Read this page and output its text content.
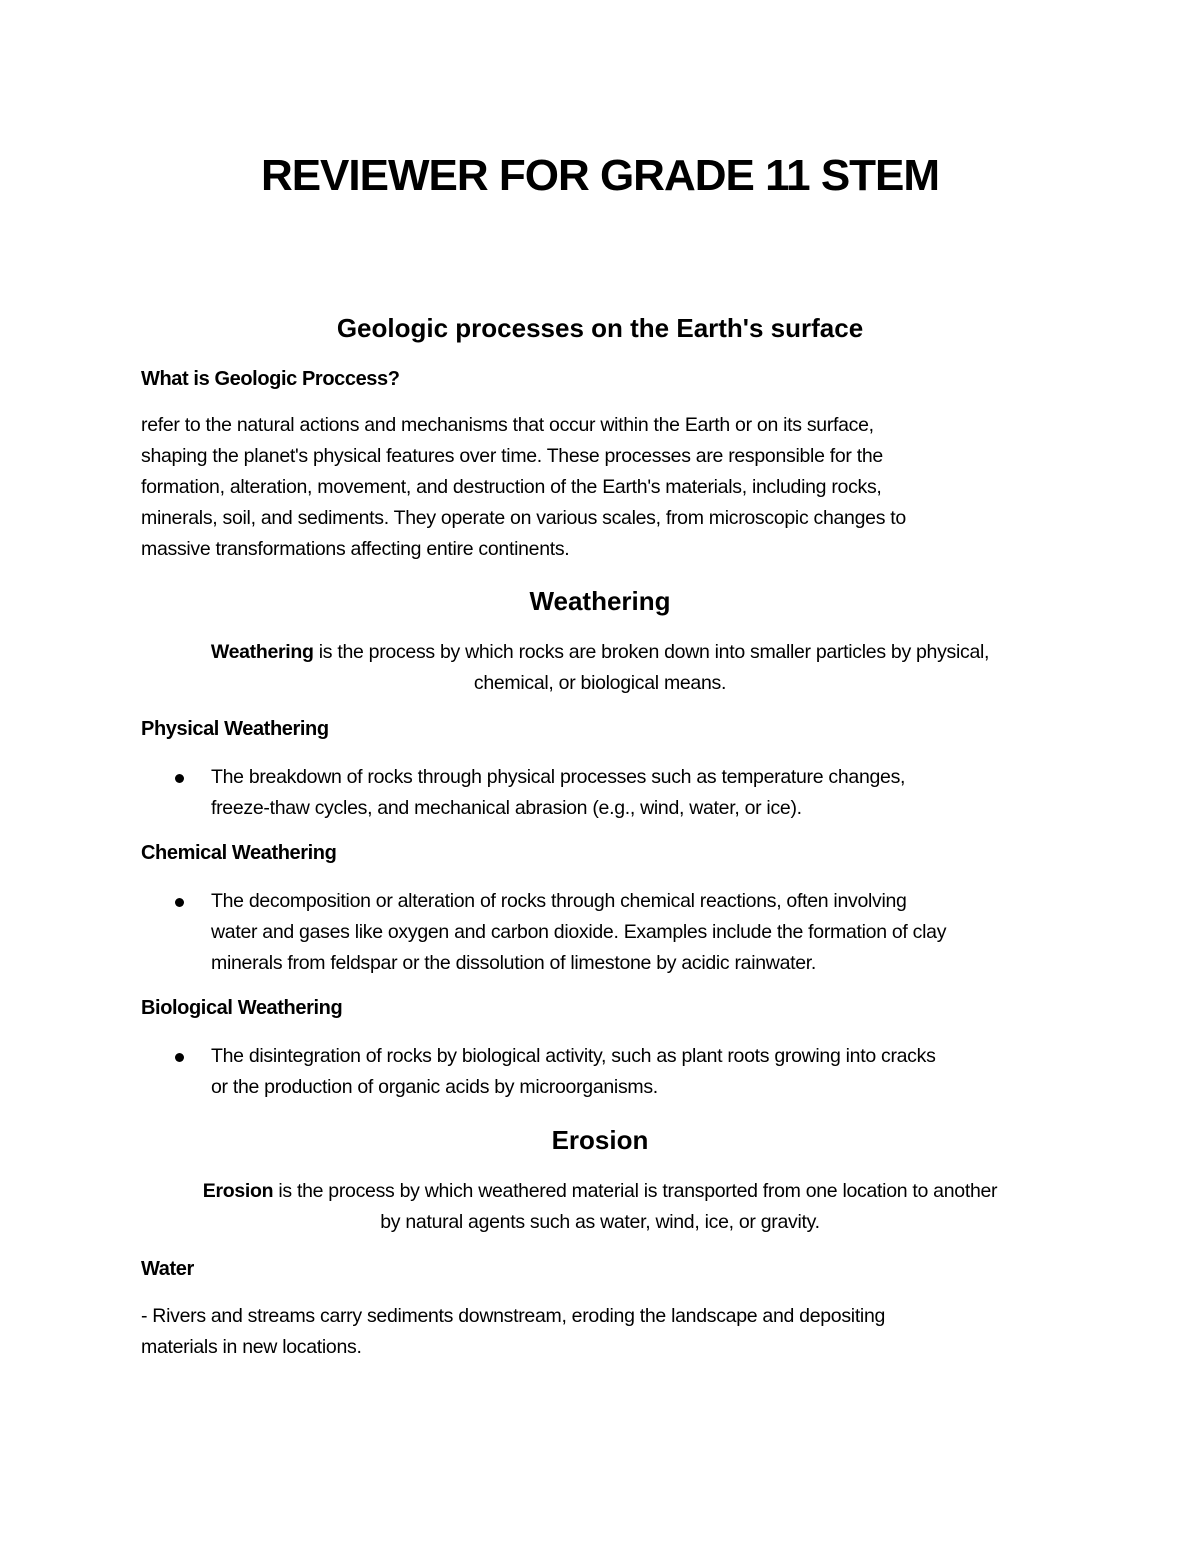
REVIEWER FOR GRADE 11 STEM
Geologic processes on the Earth's surface
What is Geologic Proccess?

refer to the natural actions and mechanisms that occur within the Earth or on its surface,
shaping the planet's physical features over time. These processes are responsible for the
formation, alteration, movement, and destruction of the Earth's materials, including rocks,
minerals, soil, and sediments. They operate on various scales, from microscopic changes to
massive transformations affecting entire continents.

Weathering

Weathering is the process by which rocks are broken down into smaller particles by physical,
chemical, or biological means.

Physical Weathering
The breakdown of rocks through physical processes such as temperature changes,
freeze-thaw cycles, and mechanical abrasion (e.g., wind, water, or ice).
Chemical Weathering
The decomposition or alteration of rocks through chemical reactions, often involving
water and gases like oxygen and carbon dioxide. Examples include the formation of clay
minerals from feldspar or the dissolution of limestone by acidic rainwater.
Biological Weathering
The disintegration of rocks by biological activity, such as plant roots growing into cracks
or the production of organic acids by microorganisms.
Erosion

Erosion is the process by which weathered material is transported from one location to another
by natural agents such as water, wind, ice, or gravity.

Water

- Rivers and streams carry sediments downstream, eroding the landscape and depositing
materials in new locations.
